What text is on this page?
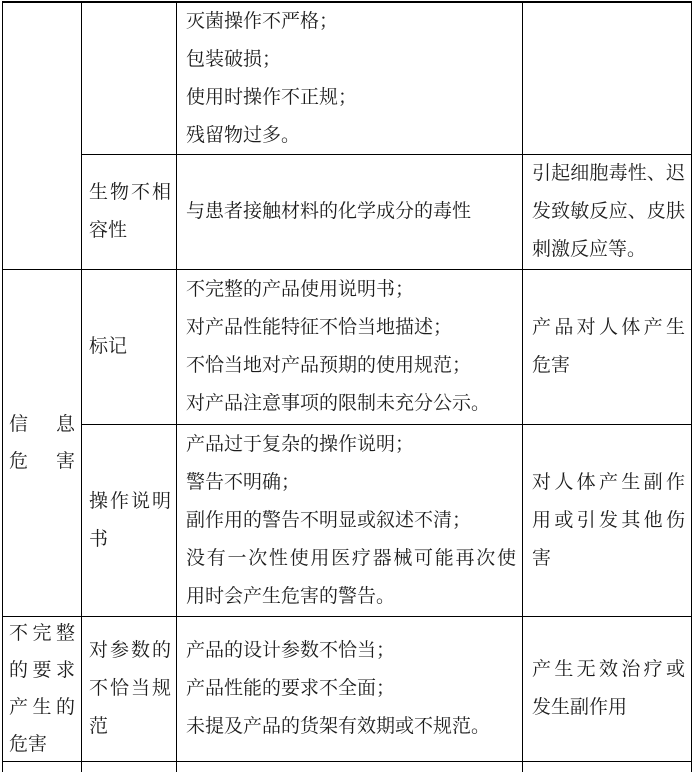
灭菌操作不严格；
包装破损；
使用时操作不正规；
残留物过多。
生物不相
容性
与患者接触材料的化学成分的毒性
引起细胞毒性、迟
发致敏反应、皮肤
刺激反应等。
信息
危害
标记
不完整的产品使用说明书；
对产品性能特征不恰当地描述；
不恰当地对产品预期的使用规范；
对产品注意事项的限制未充分公示。
产品对人体产生
危害
操作说明
书
产品过于复杂的操作说明；
警告不明确；
副作用的警告不明显或叙述不清；
没有一次性使用医疗器械可能再次使
用时会产生危害的警告。
对人体产生副作
用或引发其他伤
害
不完整
的要求
产生的
危害
对参数的
不恰当规
范
产品的设计参数不恰当；
产品性能的要求不全面；
未提及产品的货架有效期或不规范。
产生无效治疗或
发生副作用
